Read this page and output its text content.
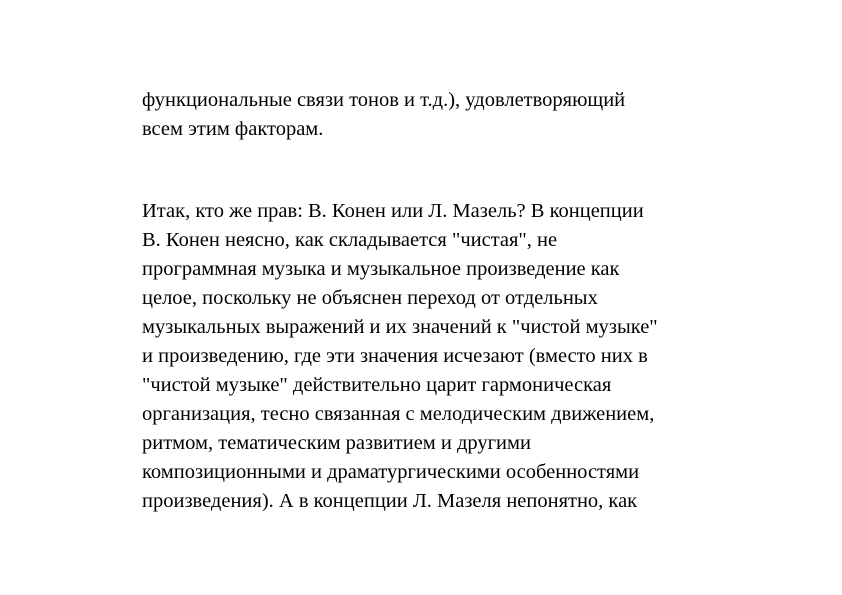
функциональные связи тонов и т.д.), удовлетворяющий
всем этим факторам.

Итак, кто же прав: В. Конен или Л. Мазель? В концепции
В. Конен неясно, как складывается "чистая", не
программная музыка и музыкальное произведение как
целое, поскольку не объяснен переход от отдельных
музыкальных выражений и их значений к "чистой музыке"
и произведению, где эти значения исчезают (вместо них в
"чистой музыке" действительно царит гармоническая
организация, тесно связанная с мелодическим движением,
ритмом, тематическим развитием и другими
композиционными и драматургическими особенностями
произведения). А в концепции Л. Мазеля непонятно, как
